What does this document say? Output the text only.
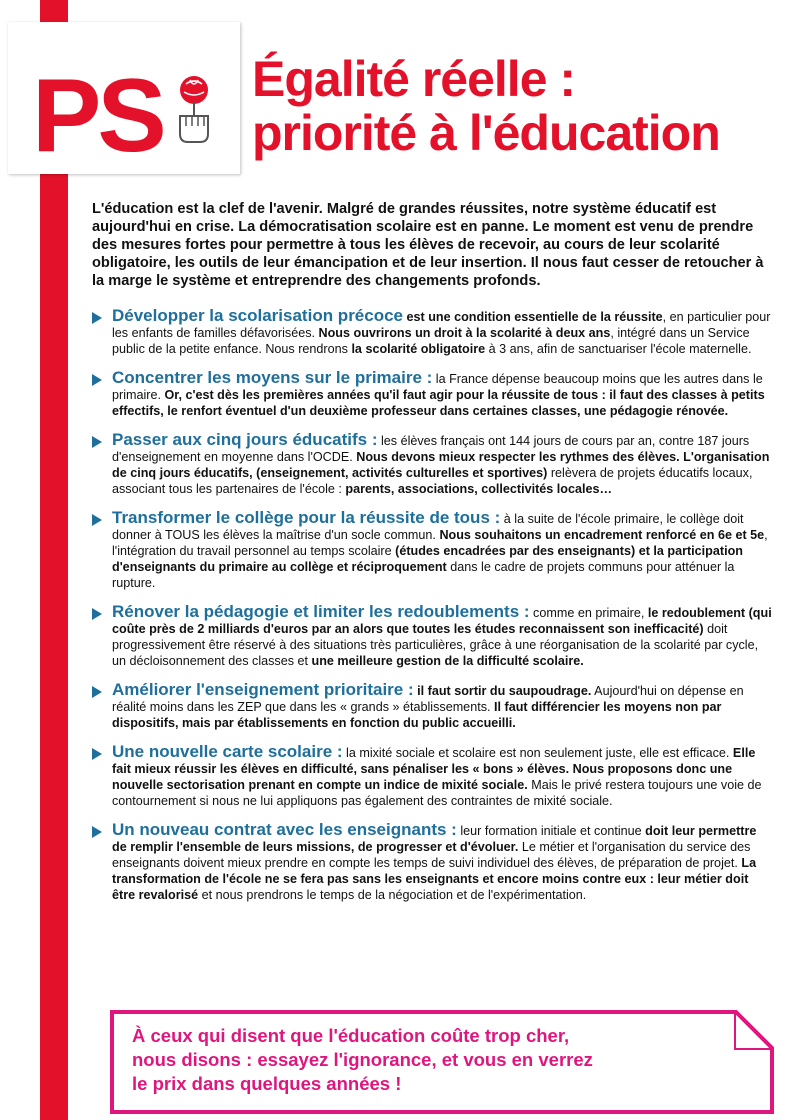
PS Égalité réelle :
priorité à l'éducation

L'éducation est la clef de l'avenir. Malgré de grandes réussites, notre système éducatif est aujourd'hui en crise. La démocratisation scolaire est en panne. Le moment est venu de prendre des mesures fortes pour permettre à tous les élèves de recevoir, au cours de leur scolarité obligatoire, les outils de leur émancipation et de leur insertion. Il nous faut cesser de retoucher à la marge le système et entreprendre des changements profonds.

Développer la scolarisation précoce est une condition essentielle de la réussite, en particulier pour les enfants de familles défavorisées. Nous ouvrirons un droit à la scolarité à deux ans, intégré dans un Service public de la petite enfance. Nous rendrons la scolarité obligatoire à 3 ans, afin de sanctuariser l'école maternelle.
Concentrer les moyens sur le primaire : la France dépense beaucoup moins que les autres dans le primaire. Or, c'est dès les premières années qu'il faut agir pour la réussite de tous : il faut des classes à petits effectifs, le renfort éventuel d'un deuxième professeur dans certaines classes, une pédagogie rénovée.
Passer aux cinq jours éducatifs : les élèves français ont 144 jours de cours par an, contre 187 jours d'enseignement en moyenne dans l'OCDE. Nous devons mieux respecter les rythmes des élèves. L'organisation de cinq jours éducatifs, (enseignement, activités culturelles et sportives) relèvera de projets éducatifs locaux, associant tous les partenaires de l'école : parents, associations, collectivités locales…
Transformer le collège pour la réussite de tous : à la suite de l'école primaire, le collège doit donner à TOUS les élèves la maîtrise d'un socle commun. Nous souhaitons un encadrement renforcé en 6e et 5e, l'intégration du travail personnel au temps scolaire (études encadrées par des enseignants) et la participation d'enseignants du primaire au collège et réciproquement dans le cadre de projets communs pour atténuer la rupture.
Rénover la pédagogie et limiter les redoublements : comme en primaire, le redoublement (qui coûte près de 2 milliards d'euros par an alors que toutes les études reconnaissent son inefficacité) doit progressivement être réservé à des situations très particulières, grâce à une réorganisation de la scolarité par cycle, un décloisonnement des classes et une meilleure gestion de la difficulté scolaire.
Améliorer l'enseignement prioritaire : il faut sortir du saupoudrage. Aujourd'hui on dépense en réalité moins dans les ZEP que dans les « grands » établissements. Il faut différencier les moyens non par dispositifs, mais par établissements en fonction du public accueilli.
Une nouvelle carte scolaire : la mixité sociale et scolaire est non seulement juste, elle est efficace. Elle fait mieux réussir les élèves en difficulté, sans pénaliser les « bons » élèves. Nous proposons donc une nouvelle sectorisation prenant en compte un indice de mixité sociale. Mais le privé restera toujours une voie de contournement si nous ne lui appliquons pas également des contraintes de mixité sociale.
Un nouveau contrat avec les enseignants : leur formation initiale et continue doit leur permettre de remplir l'ensemble de leurs missions, de progresser et d'évoluer. Le métier et l'organisation du service des enseignants doivent mieux prendre en compte les temps de suivi individuel des élèves, de préparation de projet. La transformation de l'école ne se fera pas sans les enseignants et encore moins contre eux : leur métier doit être revalorisé et nous prendrons le temps de la négociation et de l'expérimentation.

À ceux qui disent que l'éducation coûte trop cher,
nous disons : essayez l'ignorance, et vous en verrez
le prix dans quelques années !
